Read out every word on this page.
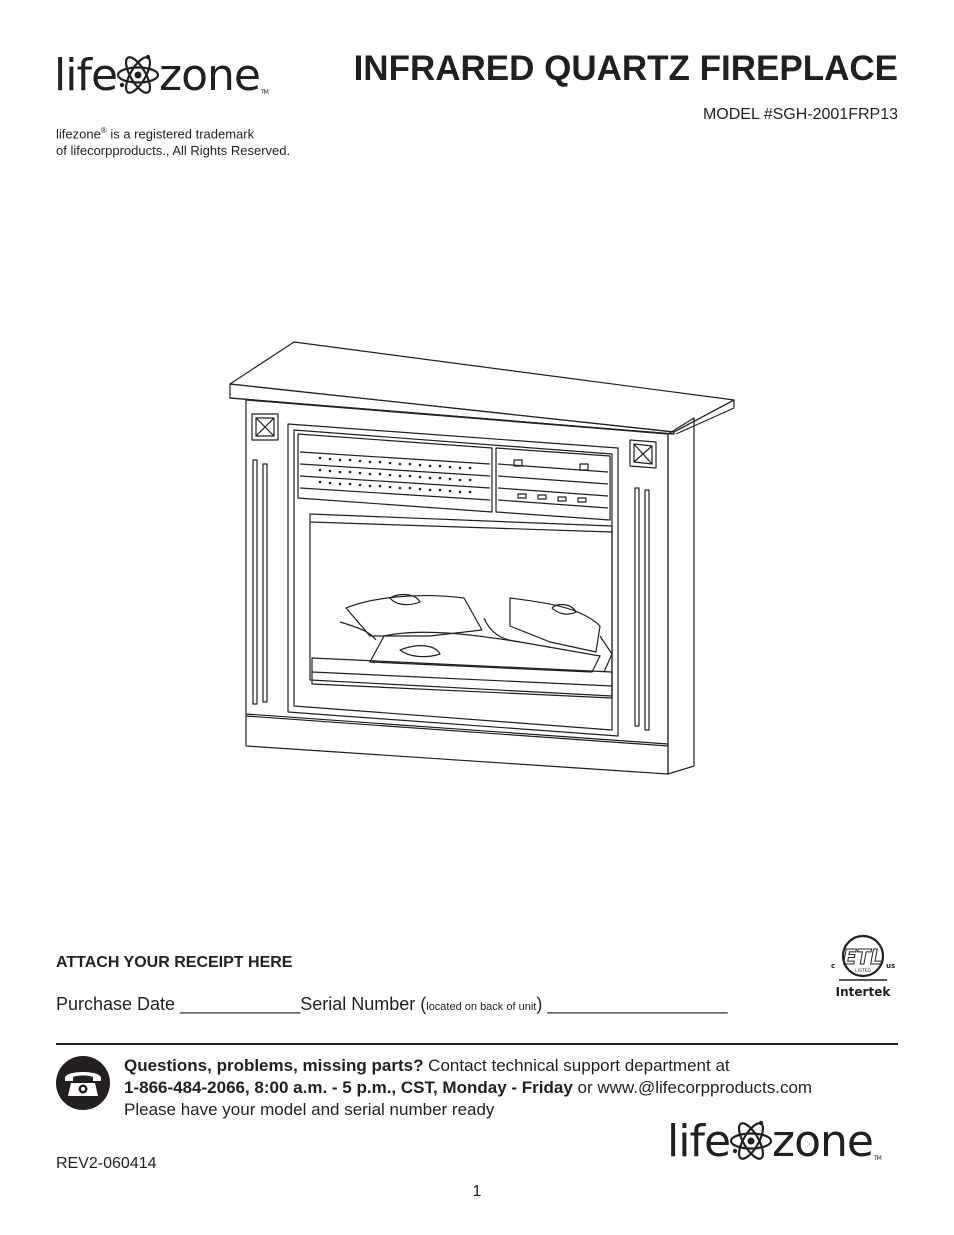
life zone TM
INFRARED QUARTZ FIREPLACE
MODEL #SGH-2001FRP13
lifezone® is a registered trademark
of lifecorpproducts., All Rights Reserved.
ATTACH YOUR RECEIPT HERE
Purchase Date ____________Serial Number (located on back of unit) __________________
ETL
c	us
LISTED
Intertek
Questions, problems, missing parts? Contact technical support department at
1-866-484-2066, 8:00 a.m. - 5 p.m., CST, Monday - Friday or www.@lifecorpproducts.com
Please have your model and serial number ready
life zone TM
REV2-060414
1
